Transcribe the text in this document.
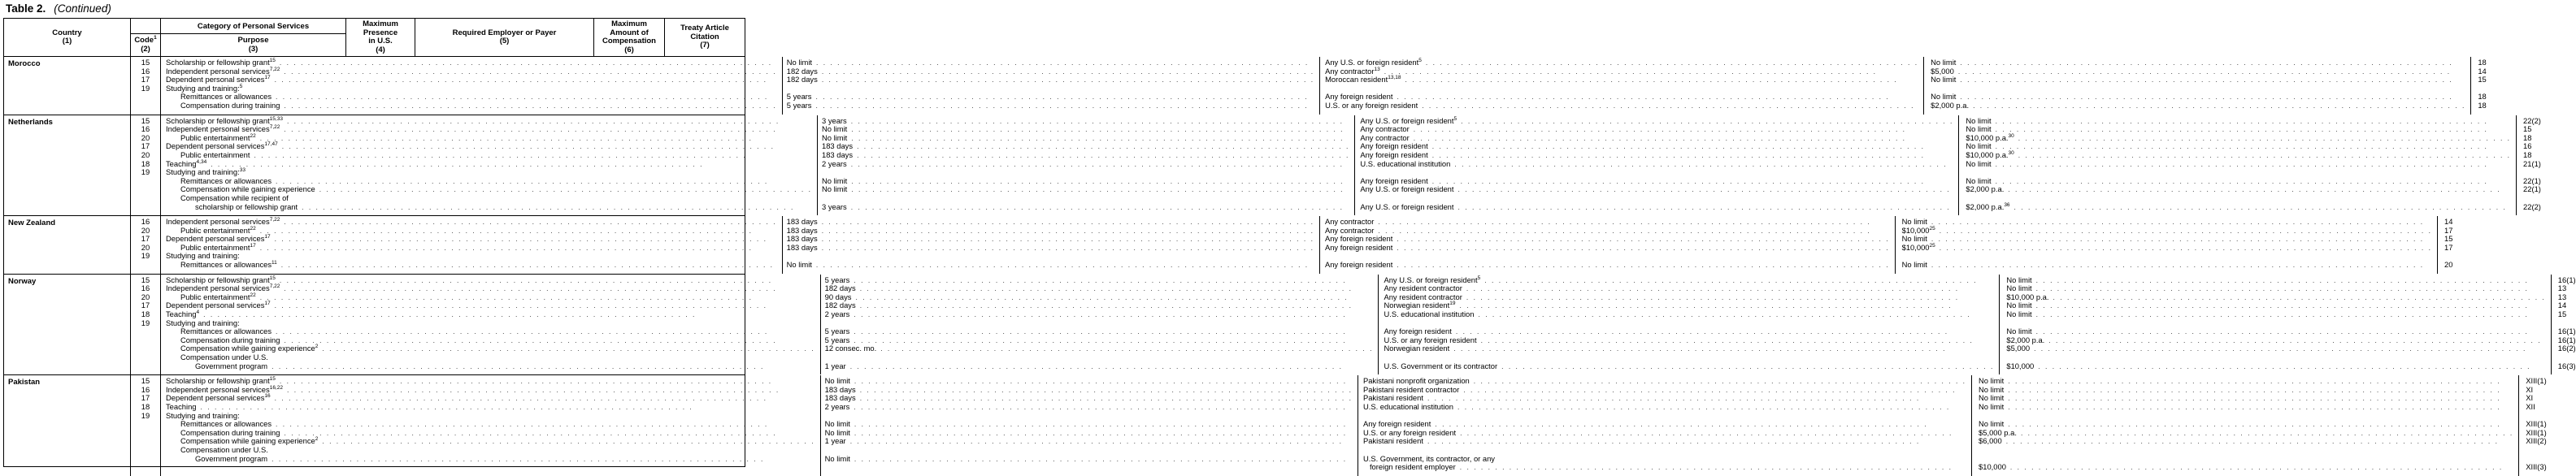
Table 2. (Continued)
Country
(1)	Code$^1$
(2)
Category of Personal Services
Purpose
(3)
Maximum
Presence
in U.S.
(4)
Required Employer or Payer
(5)
Maximum
Amount of
Compensation
(6)
Treaty Article
Citation
(7)
Morocco	15
16
17
19
Scholarship or fellowship grant$^{15}$ . . . . . . . . . . . . . . . . . . . . . . . . . . . . . . . . . . . . . . . . . . . . . . . . . . . . . . . . . . . . . . . . . . . . . .
Independent personal services$^{7,22}$ . . . . . . . . . . . . . . . . . . . . . . . . . . . . . . . . . . . . . . . . . . . . . . . . . . . . . . . . . . . . . . . . . . . . . .
Dependent personal services$^{17}$ . . . . . . . . . . . . . . . . . . . . . . . . . . . . . . . . . . . . . . . . . . . . . . . . . . . . . . . . . . . . . . . . . . . . . .
Studying and training:$^5$
Remittances or allowances . . . . . . . . . . . . . . . . . . . . . . . . . . . . . . . . . . . . . . . . . . . . . . . . . . . . . . . . . . . . . . . . . . . . . .
Compensation during training . . . . . . . . . . . . . . . . . . . . . . . . . . . . . . . . . . . . . . . . . . . . . . . . . . . . . . . . . . . . . . . . . . . . . .
No limit . . . . . . . . . . . . . . . . . . . . . . . . . . . . . . . . . . . . . . . . . . . . . . . . . . . . . . . . . . . . . . . . . . . . . .
182 days . . . . . . . . . . . . . . . . . . . . . . . . . . . . . . . . . . . . . . . . . . . . . . . . . . . . . . . . . . . . . . . . . . . . . .
182 days . . . . . . . . . . . . . . . . . . . . . . . . . . . . . . . . . . . . . . . . . . . . . . . . . . . . . . . . . . . . . . . . . . . . . .
5 years . . . . . . . . . . . . . . . . . . . . . . . . . . . . . . . . . . . . . . . . . . . . . . . . . . . . . . . . . . . . . . . . . . . . . .
5 years . . . . . . . . . . . . . . . . . . . . . . . . . . . . . . . . . . . . . . . . . . . . . . . . . . . . . . . . . . . . . . . . . . . . . .
Any U.S. or foreign resident$^5$ . . . . . . . . . . . . . . . . . . . . . . . . . . . . . . . . . . . . . . . . . . . . . . . . . . . . . . . . . . . . . . . . . . . . . .
Any contractor$^{13}$ . . . . . . . . . . . . . . . . . . . . . . . . . . . . . . . . . . . . . . . . . . . . . . . . . . . . . . . . . . . . . . . . . . . . . .
Moroccan resident$^{13,18}$ . . . . . . . . . . . . . . . . . . . . . . . . . . . . . . . . . . . . . . . . . . . . . . . . . . . . . . . . . . . . . . . . . . . . . .
Any foreign resident . . . . . . . . . . . . . . . . . . . . . . . . . . . . . . . . . . . . . . . . . . . . . . . . . . . . . . . . . . . . . . . . . . . . . .
U.S. or any foreign resident . . . . . . . . . . . . . . . . . . . . . . . . . . . . . . . . . . . . . . . . . . . . . . . . . . . . . . . . . . . . . . . . . . . . . .
No limit . . . . . . . . . . . . . . . . . . . . . . . . . . . . . . . . . . . . . . . . . . . . . . . . . . . . . . . . . . . . . . . . . . . . . .
$5,000 . . . . . . . . . . . . . . . . . . . . . . . . . . . . . . . . . . . . . . . . . . . . . . . . . . . . . . . . . . . . . . . . . . . . . .
No limit . . . . . . . . . . . . . . . . . . . . . . . . . . . . . . . . . . . . . . . . . . . . . . . . . . . . . . . . . . . . . . . . . . . . . .
No limit . . . . . . . . . . . . . . . . . . . . . . . . . . . . . . . . . . . . . . . . . . . . . . . . . . . . . . . . . . . . . . . . . . . . . .
$2,000 p.a. . . . . . . . . . . . . . . . . . . . . . . . . . . . . . . . . . . . . . . . . . . . . . . . . . . . . . . . . . . . . . . . . . . . . . .
18
14
15
18
18
Netherlands	15
16
20
17
20
18
19
Scholarship or fellowship grant$^{15,33}$ . . . . . . . . . . . . . . . . . . . . . . . . . . . . . . . . . . . . . . . . . . . . . . . . . . . . . . . . . . . . . . . . . . . . . .
Independent personal services$^{7,22}$ . . . . . . . . . . . . . . . . . . . . . . . . . . . . . . . . . . . . . . . . . . . . . . . . . . . . . . . . . . . . . . . . . . . . . .
Public entertainment$^{22}$ . . . . . . . . . . . . . . . . . . . . . . . . . . . . . . . . . . . . . . . . . . . . . . . . . . . . . . . . . . . . . . . . . . . . . .
Dependent personal services$^{17,47}$ . . . . . . . . . . . . . . . . . . . . . . . . . . . . . . . . . . . . . . . . . . . . . . . . . . . . . . . . . . . . . . . . . . . . . .
Public entertainment . . . . . . . . . . . . . . . . . . . . . . . . . . . . . . . . . . . . . . . . . . . . . . . . . . . . . . . . . . . . . . . . . . . . . .
Teaching$^{4,34}$ . . . . . . . . . . . . . . . . . . . . . . . . . . . . . . . . . . . . . . . . . . . . . . . . . . . . . . . . . . . . . . . . . . . . . .
Studying and training:$^{33}$
Remittances or allowances . . . . . . . . . . . . . . . . . . . . . . . . . . . . . . . . . . . . . . . . . . . . . . . . . . . . . . . . . . . . . . . . . . . . . .
Compensation while gaining experience . . . . . . . . . . . . . . . . . . . . . . . . . . . . . . . . . . . . . . . . . . . . . . . . . . . . . . . . . . . . . . . . . . . . . .
Compensation while recipient of
scholarship or fellowship grant . . . . . . . . . . . . . . . . . . . . . . . . . . . . . . . . . . . . . . . . . . . . . . . . . . . . . . . . . . . . . . . . . . . . . .
3 years . . . . . . . . . . . . . . . . . . . . . . . . . . . . . . . . . . . . . . . . . . . . . . . . . . . . . . . . . . . . . . . . . . . . . .
No limit . . . . . . . . . . . . . . . . . . . . . . . . . . . . . . . . . . . . . . . . . . . . . . . . . . . . . . . . . . . . . . . . . . . . . .
No limit . . . . . . . . . . . . . . . . . . . . . . . . . . . . . . . . . . . . . . . . . . . . . . . . . . . . . . . . . . . . . . . . . . . . . .
183 days . . . . . . . . . . . . . . . . . . . . . . . . . . . . . . . . . . . . . . . . . . . . . . . . . . . . . . . . . . . . . . . . . . . . . .
183 days . . . . . . . . . . . . . . . . . . . . . . . . . . . . . . . . . . . . . . . . . . . . . . . . . . . . . . . . . . . . . . . . . . . . . .
2 years . . . . . . . . . . . . . . . . . . . . . . . . . . . . . . . . . . . . . . . . . . . . . . . . . . . . . . . . . . . . . . . . . . . . . .
No limit . . . . . . . . . . . . . . . . . . . . . . . . . . . . . . . . . . . . . . . . . . . . . . . . . . . . . . . . . . . . . . . . . . . . . .
No limit . . . . . . . . . . . . . . . . . . . . . . . . . . . . . . . . . . . . . . . . . . . . . . . . . . . . . . . . . . . . . . . . . . . . . .
3 years . . . . . . . . . . . . . . . . . . . . . . . . . . . . . . . . . . . . . . . . . . . . . . . . . . . . . . . . . . . . . . . . . . . . . .
Any U.S. or foreign resident$^5$ . . . . . . . . . . . . . . . . . . . . . . . . . . . . . . . . . . . . . . . . . . . . . . . . . . . . . . . . . . . . . . . . . . . . . .
Any contractor . . . . . . . . . . . . . . . . . . . . . . . . . . . . . . . . . . . . . . . . . . . . . . . . . . . . . . . . . . . . . . . . . . . . . .
Any contractor . . . . . . . . . . . . . . . . . . . . . . . . . . . . . . . . . . . . . . . . . . . . . . . . . . . . . . . . . . . . . . . . . . . . . .
Any foreign resident . . . . . . . . . . . . . . . . . . . . . . . . . . . . . . . . . . . . . . . . . . . . . . . . . . . . . . . . . . . . . . . . . . . . . .
Any foreign resident . . . . . . . . . . . . . . . . . . . . . . . . . . . . . . . . . . . . . . . . . . . . . . . . . . . . . . . . . . . . . . . . . . . . . .
U.S. educational institution . . . . . . . . . . . . . . . . . . . . . . . . . . . . . . . . . . . . . . . . . . . . . . . . . . . . . . . . . . . . . . . . . . . . . .
Any foreign resident . . . . . . . . . . . . . . . . . . . . . . . . . . . . . . . . . . . . . . . . . . . . . . . . . . . . . . . . . . . . . . . . . . . . . .
Any U.S. or foreign resident . . . . . . . . . . . . . . . . . . . . . . . . . . . . . . . . . . . . . . . . . . . . . . . . . . . . . . . . . . . . . . . . . . . . . .
Any U.S. or foreign resident . . . . . . . . . . . . . . . . . . . . . . . . . . . . . . . . . . . . . . . . . . . . . . . . . . . . . . . . . . . . . . . . . . . . . .
No limit . . . . . . . . . . . . . . . . . . . . . . . . . . . . . . . . . . . . . . . . . . . . . . . . . . . . . . . . . . . . . . . . . . . . . .
No limit . . . . . . . . . . . . . . . . . . . . . . . . . . . . . . . . . . . . . . . . . . . . . . . . . . . . . . . . . . . . . . . . . . . . . .
$10,000 p.a.$^{30}$ . . . . . . . . . . . . . . . . . . . . . . . . . . . . . . . . . . . . . . . . . . . . . . . . . . . . . . . . . . . . . . . . . . . . . .
No limit . . . . . . . . . . . . . . . . . . . . . . . . . . . . . . . . . . . . . . . . . . . . . . . . . . . . . . . . . . . . . . . . . . . . . .
$10,000 p.a.$^{30}$ . . . . . . . . . . . . . . . . . . . . . . . . . . . . . . . . . . . . . . . . . . . . . . . . . . . . . . . . . . . . . . . . . . . . . .
No limit . . . . . . . . . . . . . . . . . . . . . . . . . . . . . . . . . . . . . . . . . . . . . . . . . . . . . . . . . . . . . . . . . . . . . .
No limit . . . . . . . . . . . . . . . . . . . . . . . . . . . . . . . . . . . . . . . . . . . . . . . . . . . . . . . . . . . . . . . . . . . . . .
$2,000 p.a. . . . . . . . . . . . . . . . . . . . . . . . . . . . . . . . . . . . . . . . . . . . . . . . . . . . . . . . . . . . . . . . . . . . . . .
$2,000 p.a.$^{36}$ . . . . . . . . . . . . . . . . . . . . . . . . . . . . . . . . . . . . . . . . . . . . . . . . . . . . . . . . . . . . . . . . . . . . . .
22(2)
15
18
16
18
21(1)
22(1)
22(1)
22(2)
New Zealand	16
20
17
20
19
Independent personal services$^{7,22}$ . . . . . . . . . . . . . . . . . . . . . . . . . . . . . . . . . . . . . . . . . . . . . . . . . . . . . . . . . . . . . . . . . . . . . .
Public entertainment$^{22}$ . . . . . . . . . . . . . . . . . . . . . . . . . . . . . . . . . . . . . . . . . . . . . . . . . . . . . . . . . . . . . . . . . . . . . .
Dependent personal services$^{17}$ . . . . . . . . . . . . . . . . . . . . . . . . . . . . . . . . . . . . . . . . . . . . . . . . . . . . . . . . . . . . . . . . . . . . . .
Public entertainment$^{17}$ . . . . . . . . . . . . . . . . . . . . . . . . . . . . . . . . . . . . . . . . . . . . . . . . . . . . . . . . . . . . . . . . . . . . . .
Studying and training:
Remittances or allowances$^{11}$ . . . . . . . . . . . . . . . . . . . . . . . . . . . . . . . . . . . . . . . . . . . . . . . . . . . . . . . . . . . . . . . . . . . . . .
183 days . . . . . . . . . . . . . . . . . . . . . . . . . . . . . . . . . . . . . . . . . . . . . . . . . . . . . . . . . . . . . . . . . . . . . .
183 days . . . . . . . . . . . . . . . . . . . . . . . . . . . . . . . . . . . . . . . . . . . . . . . . . . . . . . . . . . . . . . . . . . . . . .
183 days . . . . . . . . . . . . . . . . . . . . . . . . . . . . . . . . . . . . . . . . . . . . . . . . . . . . . . . . . . . . . . . . . . . . . .
183 days . . . . . . . . . . . . . . . . . . . . . . . . . . . . . . . . . . . . . . . . . . . . . . . . . . . . . . . . . . . . . . . . . . . . . .
No limit . . . . . . . . . . . . . . . . . . . . . . . . . . . . . . . . . . . . . . . . . . . . . . . . . . . . . . . . . . . . . . . . . . . . . .
Any contractor . . . . . . . . . . . . . . . . . . . . . . . . . . . . . . . . . . . . . . . . . . . . . . . . . . . . . . . . . . . . . . . . . . . . . .
Any contractor . . . . . . . . . . . . . . . . . . . . . . . . . . . . . . . . . . . . . . . . . . . . . . . . . . . . . . . . . . . . . . . . . . . . . .
Any foreign resident . . . . . . . . . . . . . . . . . . . . . . . . . . . . . . . . . . . . . . . . . . . . . . . . . . . . . . . . . . . . . . . . . . . . . .
Any foreign resident . . . . . . . . . . . . . . . . . . . . . . . . . . . . . . . . . . . . . . . . . . . . . . . . . . . . . . . . . . . . . . . . . . . . . .
Any foreign resident . . . . . . . . . . . . . . . . . . . . . . . . . . . . . . . . . . . . . . . . . . . . . . . . . . . . . . . . . . . . . . . . . . . . . .
No limit . . . . . . . . . . . . . . . . . . . . . . . . . . . . . . . . . . . . . . . . . . . . . . . . . . . . . . . . . . . . . . . . . . . . . .
$10,000$^{25}$ . . . . . . . . . . . . . . . . . . . . . . . . . . . . . . . . . . . . . . . . . . . . . . . . . . . . . . . . . . . . . . . . . . . . . .
No limit . . . . . . . . . . . . . . . . . . . . . . . . . . . . . . . . . . . . . . . . . . . . . . . . . . . . . . . . . . . . . . . . . . . . . .
$10,000$^{25}$ . . . . . . . . . . . . . . . . . . . . . . . . . . . . . . . . . . . . . . . . . . . . . . . . . . . . . . . . . . . . . . . . . . . . . .
No limit . . . . . . . . . . . . . . . . . . . . . . . . . . . . . . . . . . . . . . . . . . . . . . . . . . . . . . . . . . . . . . . . . . . . . .
14
17
15
17
20
Norway	15
16
20
17
18
19
Scholarship or fellowship grant$^{15}$ . . . . . . . . . . . . . . . . . . . . . . . . . . . . . . . . . . . . . . . . . . . . . . . . . . . . . . . . . . . . . . . . . . . . . .
Independent personal services$^{7,22}$ . . . . . . . . . . . . . . . . . . . . . . . . . . . . . . . . . . . . . . . . . . . . . . . . . . . . . . . . . . . . . . . . . . . . . .
Public entertainment$^{22}$ . . . . . . . . . . . . . . . . . . . . . . . . . . . . . . . . . . . . . . . . . . . . . . . . . . . . . . . . . . . . . . . . . . . . . .
Dependent personal services$^{17}$ . . . . . . . . . . . . . . . . . . . . . . . . . . . . . . . . . . . . . . . . . . . . . . . . . . . . . . . . . . . . . . . . . . . . . .
Teaching$^4$ . . . . . . . . . . . . . . . . . . . . . . . . . . . . . . . . . . . . . . . . . . . . . . . . . . . . . . . . . . . . . . . . . . . . . .
Studying and training:
Remittances or allowances . . . . . . . . . . . . . . . . . . . . . . . . . . . . . . . . . . . . . . . . . . . . . . . . . . . . . . . . . . . . . . . . . . . . . .
Compensation during training . . . . . . . . . . . . . . . . . . . . . . . . . . . . . . . . . . . . . . . . . . . . . . . . . . . . . . . . . . . . . . . . . . . . . .
Compensation while gaining experience$^2$ . . . . . . . . . . . . . . . . . . . . . . . . . . . . . . . . . . . . . . . . . . . . . . . . . . . . . . . . . . . . . . . . . . . . . .
Compensation under U.S.
Government program . . . . . . . . . . . . . . . . . . . . . . . . . . . . . . . . . . . . . . . . . . . . . . . . . . . . . . . . . . . . . . . . . . . . . .
5 years . . . . . . . . . . . . . . . . . . . . . . . . . . . . . . . . . . . . . . . . . . . . . . . . . . . . . . . . . . . . . . . . . . . . . .
182 days . . . . . . . . . . . . . . . . . . . . . . . . . . . . . . . . . . . . . . . . . . . . . . . . . . . . . . . . . . . . . . . . . . . . . .
90 days . . . . . . . . . . . . . . . . . . . . . . . . . . . . . . . . . . . . . . . . . . . . . . . . . . . . . . . . . . . . . . . . . . . . . .
182 days . . . . . . . . . . . . . . . . . . . . . . . . . . . . . . . . . . . . . . . . . . . . . . . . . . . . . . . . . . . . . . . . . . . . . .
2 years . . . . . . . . . . . . . . . . . . . . . . . . . . . . . . . . . . . . . . . . . . . . . . . . . . . . . . . . . . . . . . . . . . . . . .
5 years . . . . . . . . . . . . . . . . . . . . . . . . . . . . . . . . . . . . . . . . . . . . . . . . . . . . . . . . . . . . . . . . . . . . . .
5 years . . . . . . . . . . . . . . . . . . . . . . . . . . . . . . . . . . . . . . . . . . . . . . . . . . . . . . . . . . . . . . . . . . . . . .
12 consec. mo. . . . . . . . . . . . . . . . . . . . . . . . . . . . . . . . . . . . . . . . . . . . . . . . . . . . . . . . . . . . . . . . . . . . . . .
1 year . . . . . . . . . . . . . . . . . . . . . . . . . . . . . . . . . . . . . . . . . . . . . . . . . . . . . . . . . . . . . . . . . . . . . .
Any U.S. or foreign resident$^5$ . . . . . . . . . . . . . . . . . . . . . . . . . . . . . . . . . . . . . . . . . . . . . . . . . . . . . . . . . . . . . . . . . . . . . .
Any resident contractor . . . . . . . . . . . . . . . . . . . . . . . . . . . . . . . . . . . . . . . . . . . . . . . . . . . . . . . . . . . . . . . . . . . . . .
Any resident contractor . . . . . . . . . . . . . . . . . . . . . . . . . . . . . . . . . . . . . . . . . . . . . . . . . . . . . . . . . . . . . . . . . . . . . .
Norwegian resident$^{19}$ . . . . . . . . . . . . . . . . . . . . . . . . . . . . . . . . . . . . . . . . . . . . . . . . . . . . . . . . . . . . . . . . . . . . . .
U.S. educational institution . . . . . . . . . . . . . . . . . . . . . . . . . . . . . . . . . . . . . . . . . . . . . . . . . . . . . . . . . . . . . . . . . . . . . .
Any foreign resident . . . . . . . . . . . . . . . . . . . . . . . . . . . . . . . . . . . . . . . . . . . . . . . . . . . . . . . . . . . . . . . . . . . . . .
U.S. or any foreign resident . . . . . . . . . . . . . . . . . . . . . . . . . . . . . . . . . . . . . . . . . . . . . . . . . . . . . . . . . . . . . . . . . . . . . .
Norwegian resident . . . . . . . . . . . . . . . . . . . . . . . . . . . . . . . . . . . . . . . . . . . . . . . . . . . . . . . . . . . . . . . . . . . . . .
U.S. Government or its contractor . . . . . . . . . . . . . . . . . . . . . . . . . . . . . . . . . . . . . . . . . . . . . . . . . . . . . . . . . . . . . . . . . . . . . .
No limit . . . . . . . . . . . . . . . . . . . . . . . . . . . . . . . . . . . . . . . . . . . . . . . . . . . . . . . . . . . . . . . . . . . . . .
No limit . . . . . . . . . . . . . . . . . . . . . . . . . . . . . . . . . . . . . . . . . . . . . . . . . . . . . . . . . . . . . . . . . . . . . .
$10,000 p.a. . . . . . . . . . . . . . . . . . . . . . . . . . . . . . . . . . . . . . . . . . . . . . . . . . . . . . . . . . . . . . . . . . . . . . .
No limit . . . . . . . . . . . . . . . . . . . . . . . . . . . . . . . . . . . . . . . . . . . . . . . . . . . . . . . . . . . . . . . . . . . . . .
No limit . . . . . . . . . . . . . . . . . . . . . . . . . . . . . . . . . . . . . . . . . . . . . . . . . . . . . . . . . . . . . . . . . . . . . .
No limit . . . . . . . . . . . . . . . . . . . . . . . . . . . . . . . . . . . . . . . . . . . . . . . . . . . . . . . . . . . . . . . . . . . . . .
$2,000 p.a. . . . . . . . . . . . . . . . . . . . . . . . . . . . . . . . . . . . . . . . . . . . . . . . . . . . . . . . . . . . . . . . . . . . . . .
$5,000 . . . . . . . . . . . . . . . . . . . . . . . . . . . . . . . . . . . . . . . . . . . . . . . . . . . . . . . . . . . . . . . . . . . . . .
$10,000 . . . . . . . . . . . . . . . . . . . . . . . . . . . . . . . . . . . . . . . . . . . . . . . . . . . . . . . . . . . . . . . . . . . . . .
16(1)
13
13
14
15
16(1)
16(1)
16(2)
16(3)
Pakistan	15
16
17
18
19
Scholarship or fellowship grant$^{15}$ . . . . . . . . . . . . . . . . . . . . . . . . . . . . . . . . . . . . . . . . . . . . . . . . . . . . . . . . . . . . . . . . . . . . . .
Independent personal services$^{16,22}$ . . . . . . . . . . . . . . . . . . . . . . . . . . . . . . . . . . . . . . . . . . . . . . . . . . . . . . . . . . . . . . . . . . . . . .
Dependent personal services$^{16}$ . . . . . . . . . . . . . . . . . . . . . . . . . . . . . . . . . . . . . . . . . . . . . . . . . . . . . . . . . . . . . . . . . . . . . .
Teaching . . . . . . . . . . . . . . . . . . . . . . . . . . . . . . . . . . . . . . . . . . . . . . . . . . . . . . . . . . . . . . . . . . . . . .
Studying and training:
Remittances or allowances . . . . . . . . . . . . . . . . . . . . . . . . . . . . . . . . . . . . . . . . . . . . . . . . . . . . . . . . . . . . . . . . . . . . . .
Compensation during training . . . . . . . . . . . . . . . . . . . . . . . . . . . . . . . . . . . . . . . . . . . . . . . . . . . . . . . . . . . . . . . . . . . . . .
Compensation while gaining experience$^2$ . . . . . . . . . . . . . . . . . . . . . . . . . . . . . . . . . . . . . . . . . . . . . . . . . . . . . . . . . . . . . . . . . . . . . .
Compensation under U.S.
Government program . . . . . . . . . . . . . . . . . . . . . . . . . . . . . . . . . . . . . . . . . . . . . . . . . . . . . . . . . . . . . . . . . . . . . .
No limit . . . . . . . . . . . . . . . . . . . . . . . . . . . . . . . . . . . . . . . . . . . . . . . . . . . . . . . . . . . . . . . . . . . . . .
183 days . . . . . . . . . . . . . . . . . . . . . . . . . . . . . . . . . . . . . . . . . . . . . . . . . . . . . . . . . . . . . . . . . . . . . .
183 days . . . . . . . . . . . . . . . . . . . . . . . . . . . . . . . . . . . . . . . . . . . . . . . . . . . . . . . . . . . . . . . . . . . . . .
2 years . . . . . . . . . . . . . . . . . . . . . . . . . . . . . . . . . . . . . . . . . . . . . . . . . . . . . . . . . . . . . . . . . . . . . .
No limit . . . . . . . . . . . . . . . . . . . . . . . . . . . . . . . . . . . . . . . . . . . . . . . . . . . . . . . . . . . . . . . . . . . . . .
No limit . . . . . . . . . . . . . . . . . . . . . . . . . . . . . . . . . . . . . . . . . . . . . . . . . . . . . . . . . . . . . . . . . . . . . .
1 year . . . . . . . . . . . . . . . . . . . . . . . . . . . . . . . . . . . . . . . . . . . . . . . . . . . . . . . . . . . . . . . . . . . . . .
No limit . . . . . . . . . . . . . . . . . . . . . . . . . . . . . . . . . . . . . . . . . . . . . . . . . . . . . . . . . . . . . . . . . . . . . .
Pakistani nonprofit organization . . . . . . . . . . . . . . . . . . . . . . . . . . . . . . . . . . . . . . . . . . . . . . . . . . . . . . . . . . . . . . . . . . . . . .
Pakistani resident contractor . . . . . . . . . . . . . . . . . . . . . . . . . . . . . . . . . . . . . . . . . . . . . . . . . . . . . . . . . . . . . . . . . . . . . .
Pakistani resident . . . . . . . . . . . . . . . . . . . . . . . . . . . . . . . . . . . . . . . . . . . . . . . . . . . . . . . . . . . . . . . . . . . . . .
U.S. educational institution . . . . . . . . . . . . . . . . . . . . . . . . . . . . . . . . . . . . . . . . . . . . . . . . . . . . . . . . . . . . . . . . . . . . . .
Any foreign resident . . . . . . . . . . . . . . . . . . . . . . . . . . . . . . . . . . . . . . . . . . . . . . . . . . . . . . . . . . . . . . . . . . . . . .
U.S. or any foreign resident . . . . . . . . . . . . . . . . . . . . . . . . . . . . . . . . . . . . . . . . . . . . . . . . . . . . . . . . . . . . . . . . . . . . . .
Pakistani resident . . . . . . . . . . . . . . . . . . . . . . . . . . . . . . . . . . . . . . . . . . . . . . . . . . . . . . . . . . . . . . . . . . . . . .
U.S. Government, its contractor, or any
foreign resident employer . . . . . . . . . . . . . . . . . . . . . . . . . . . . . . . . . . . . . . . . . . . . . . . . . . . . . . . . . . . . . . . . . . . . . .
No limit . . . . . . . . . . . . . . . . . . . . . . . . . . . . . . . . . . . . . . . . . . . . . . . . . . . . . . . . . . . . . . . . . . . . . .
No limit . . . . . . . . . . . . . . . . . . . . . . . . . . . . . . . . . . . . . . . . . . . . . . . . . . . . . . . . . . . . . . . . . . . . . .
No limit . . . . . . . . . . . . . . . . . . . . . . . . . . . . . . . . . . . . . . . . . . . . . . . . . . . . . . . . . . . . . . . . . . . . . .
No limit . . . . . . . . . . . . . . . . . . . . . . . . . . . . . . . . . . . . . . . . . . . . . . . . . . . . . . . . . . . . . . . . . . . . . .
No limit . . . . . . . . . . . . . . . . . . . . . . . . . . . . . . . . . . . . . . . . . . . . . . . . . . . . . . . . . . . . . . . . . . . . . .
$5,000 p.a. . . . . . . . . . . . . . . . . . . . . . . . . . . . . . . . . . . . . . . . . . . . . . . . . . . . . . . . . . . . . . . . . . . . . . .
$6,000 . . . . . . . . . . . . . . . . . . . . . . . . . . . . . . . . . . . . . . . . . . . . . . . . . . . . . . . . . . . . . . . . . . . . . .
$10,000 . . . . . . . . . . . . . . . . . . . . . . . . . . . . . . . . . . . . . . . . . . . . . . . . . . . . . . . . . . . . . . . . . . . . . .
XIII(1)
XI
XI
XII
XIII(1)
XIII(1)
XIII(2)
XIII(3)
